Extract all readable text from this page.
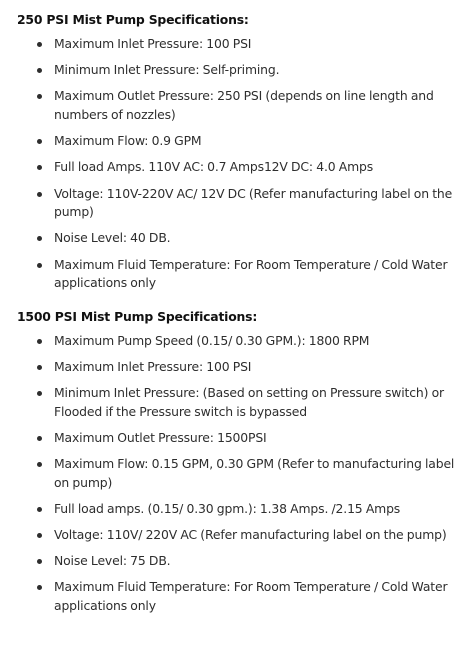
250 PSI Mist Pump Specifications:
Maximum Inlet Pressure: 100 PSI
Minimum Inlet Pressure: Self-priming.
Maximum Outlet Pressure: 250 PSI (depends on line length and numbers of nozzles)
Maximum Flow: 0.9 GPM
Full load Amps. 110V AC: 0.7 Amps12V DC: 4.0 Amps
Voltage: 110V-220V AC/ 12V DC (Refer manufacturing label on the pump)
Noise Level: 40 DB.
Maximum Fluid Temperature: For Room Temperature / Cold Water applications only
1500 PSI Mist Pump Specifications:
Maximum Pump Speed (0.15/ 0.30 GPM.): 1800 RPM
Maximum Inlet Pressure: 100 PSI
Minimum Inlet Pressure: (Based on setting on Pressure switch) or Flooded if the Pressure switch is bypassed
Maximum Outlet Pressure: 1500PSI
Maximum Flow: 0.15 GPM, 0.30 GPM (Refer to manufacturing label on pump)
Full load amps. (0.15/ 0.30 gpm.): 1.38 Amps. /2.15 Amps
Voltage: 110V/ 220V AC (Refer manufacturing label on the pump)
Noise Level: 75 DB.
Maximum Fluid Temperature: For Room Temperature / Cold Water applications only
